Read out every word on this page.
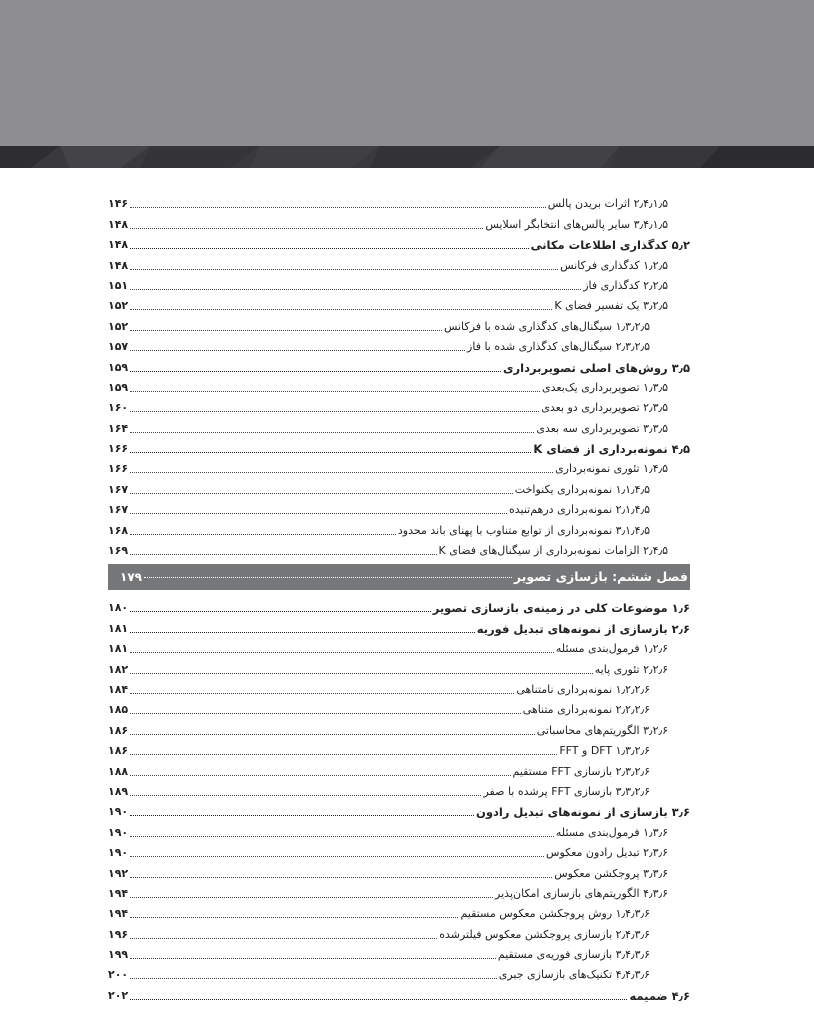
۲٫۴٫۱٫۵ اثرات بریدن پالس
۱۴۶
۳٫۴٫۱٫۵ سایر پالس‌های انتخابگر اسلایس
۱۴۸
۵٫۲ کدگذاری اطلاعات مکانی
۱۴۸
۱٫۲٫۵ کدگذاری فرکانس
۱۴۸
۲٫۲٫۵ کدگذاری فاز
۱۵۱
۳٫۲٫۵ یک تفسیر فضای K
۱۵۲
۱٫۳٫۲٫۵ سیگنال‌های کدگذاری شده با فرکانس
۱۵۲
۲٫۳٫۲٫۵ سیگنال‌های کدگذاری شده با فاز
۱۵۷
۳٫۵ روش‌های اصلی تصویربرداری
۱۵۹
۱٫۳٫۵ تصویربرداری یک‌بعدی
۱۵۹
۲٫۳٫۵ تصویربرداری دو بعدی
۱۶۰
۳٫۳٫۵ تصویربرداری سه بعدی
۱۶۴
۴٫۵ نمونه‌برداری از فضای K
۱۶۶
۱٫۴٫۵ تئوری نمونه‌برداری
۱۶۶
۱٫۱٫۴٫۵ نمونه‌برداری یکنواخت
۱۶۷
۲٫۱٫۴٫۵ نمونه‌برداری درهم‌تنیده
۱۶۷
۳٫۱٫۴٫۵ نمونه‌برداری از توابع متناوب با پهنای باند محدود
۱۶۸
۲٫۴٫۵ الزامات نمونه‌برداری از سیگنال‌های فضای K
۱۶۹
فصل ششم: بازسازی تصویر
۱۷۹
۱٫۶ موضوعات کلی در زمینه‌ی بازسازی تصویر
۱۸۰
۲٫۶ بازسازی از نمونه‌های تبدیل فوریه
۱۸۱
۱٫۲٫۶ فرمول‌بندی مسئله
۱۸۱
۲٫۲٫۶ تئوری پایه
۱۸۲
۱٫۲٫۲٫۶ نمونه‌برداری نامتناهی
۱۸۴
۲٫۲٫۲٫۶ نمونه‌برداری متناهی
۱۸۵
۳٫۲٫۶ الگوریتم‌های محاسباتی
۱۸۶
۱٫۳٫۲٫۶ DFT و FFT
۱۸۶
۲٫۳٫۲٫۶ بازسازی FFT مستقیم
۱۸۸
۳٫۳٫۲٫۶ بازسازی FFT پرشده با صفر
۱۸۹
۳٫۶ بازسازی از نمونه‌های تبدیل رادون
۱۹۰
۱٫۳٫۶ فرمول‌بندی مسئله
۱۹۰
۲٫۳٫۶ تبدیل رادون معکوس
۱۹۰
۳٫۳٫۶ پروجکشن معکوس
۱۹۲
۴٫۳٫۶ الگوریتم‌های بازسازی امکان‌پذیر
۱۹۴
۱٫۴٫۳٫۶ روش پروجکشن معکوس مستقیم
۱۹۴
۲٫۴٫۳٫۶ بازسازی پروجکشن معکوس فیلترشده
۱۹۶
۳٫۴٫۳٫۶ بازسازی فوریه‌ی مستقیم
۱۹۹
۴٫۴٫۳٫۶ تکنیک‌های بازسازی جبری
۲۰۰
۴٫۶ ضمیمه
۲۰۲
